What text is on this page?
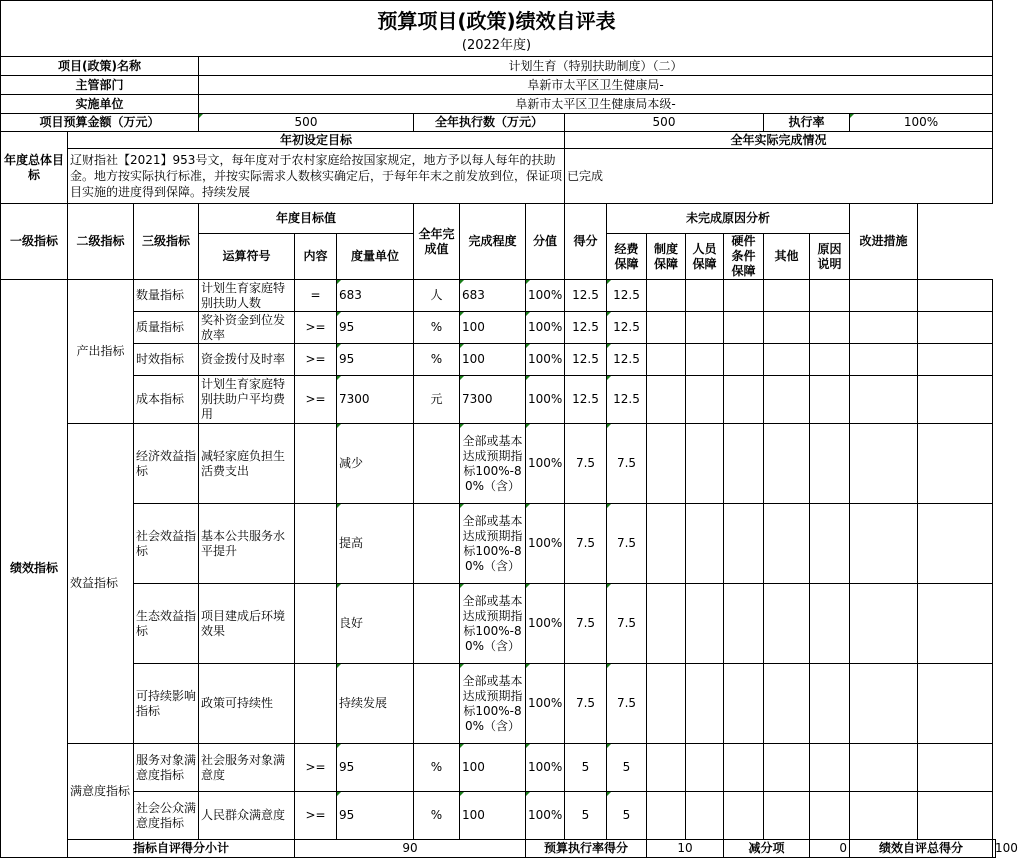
预算项目(政策)绩效自评表																		
(2022年度)																		
项目(政策)名称			计划生育（特别扶助制度）（二）															
主管部门			阜新市太平区卫生健康局-															
实施单位			阜新市太平区卫生健康局本级-															
项目预算金额（万元）			500			全年执行数（万元）			500					执行率		100%		
年度总体目标	年初设定目标								全年实际完成情况									
	辽财指社【2021】953号文，每年度对于农村家庭给按国家规定，地方予以每人每年的扶助金。地方按实际执行标准，并按实际需求人数核实确定后，于每年年末之前发放到位，保证项目实施的进度得到保障。持续发展								已完成									
一级指标	二级指标	三级指标	年度目标值			全年完成值	完成程度	分值	得分	未完成原因分析						改进措施		
			运算符号	内容	度量单位					经费保障	制度保障	人员保障	硬件条件保障	其他	原因说明			
绩效指标	产出指标	数量指标	计划生育家庭特别扶助人数	=	683	人	683	100%	12.5	12.5								
		质量指标	奖补资金到位发放率	>=	95	%	100	100%	12.5	12.5								
		时效指标	资金拨付及时率	>=	95	%	100	100%	12.5	12.5								
		成本指标	计划生育家庭特别扶助户平均费用	>=	7300	元	7300	100%	12.5	12.5								
	效益指标	经济效益指标	减轻家庭负担生活费支出		减少		全部或基本达成预期指标100%-80%（含）	100%	7.5	7.5								
		社会效益指标	基本公共服务水平提升		提高		全部或基本达成预期指标100%-80%（含）	100%	7.5	7.5								
		生态效益指标	项目建成后环境效果		良好		全部或基本达成预期指标100%-80%（含）	100%	7.5	7.5								
		可持续影响指标	政策可持续性		持续发展		全部或基本达成预期指标100%-80%（含）	100%	7.5	7.5								
	满意度指标	服务对象满意度指标	社会服务对象满意度	>=	95	%	100	100%	5	5								
		社会公众满意度指标	人民群众满意度	>=	95	%	100	100%	5	5								
	指标自评得分小计			90				预算执行率得分			10		减分项		0	绩效自评总得分		100
